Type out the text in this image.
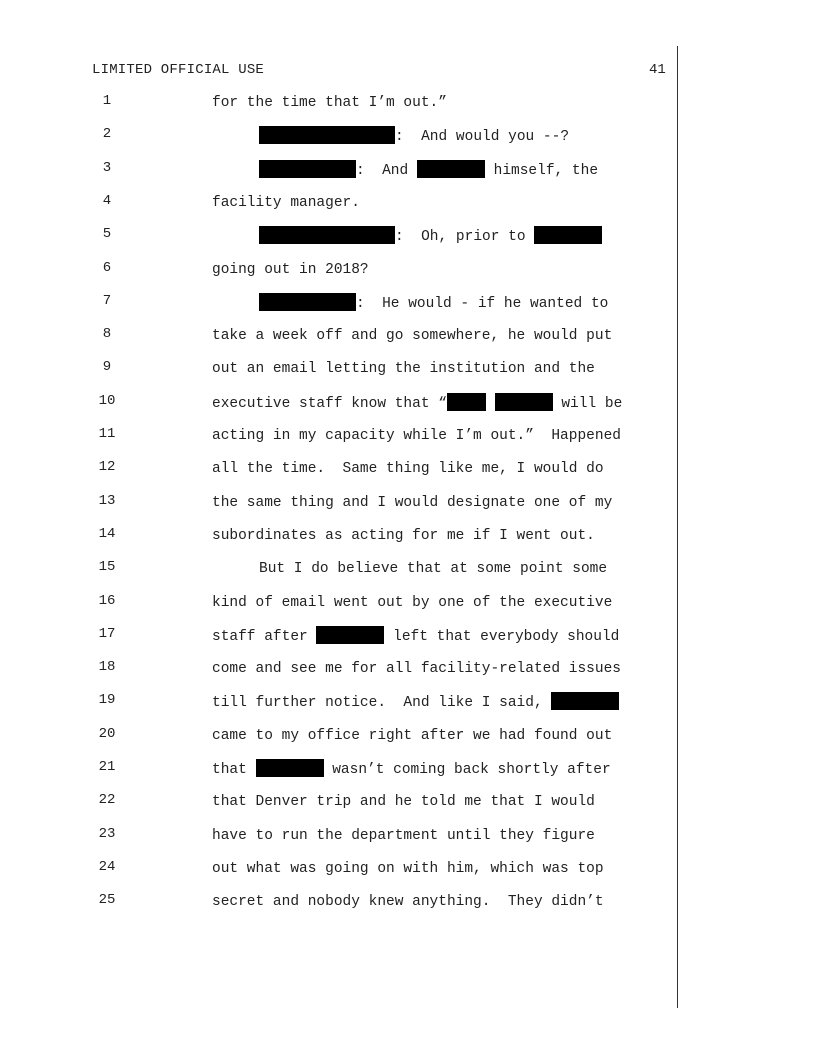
LIMITED OFFICIAL USE	41
1	for the time that I’m out.”
2	:  And would you --?
3	:  And	himself, the
4	facility manager.
5	:  Oh, prior to
6	going out in 2018?
7	:  He would - if he wanted to
8	take a week off and go somewhere, he would put
9	out an email letting the institution and the
10	executive staff know that “	will be
11	acting in my capacity while I’m out.”  Happened
12	all the time.  Same thing like me, I would do
13	the same thing and I would designate one of my
14	subordinates as acting for me if I went out.
15	But I do believe that at some point some
16	kind of email went out by one of the executive
17	staff after	left that everybody should
18	come and see me for all facility-related issues
19	till further notice.  And like I said,
20	came to my office right after we had found out
21	that	wasn’t coming back shortly after
22	that Denver trip and he told me that I would
23	have to run the department until they figure
24	out what was going on with him, which was top
25	secret and nobody knew anything.  They didn’t
